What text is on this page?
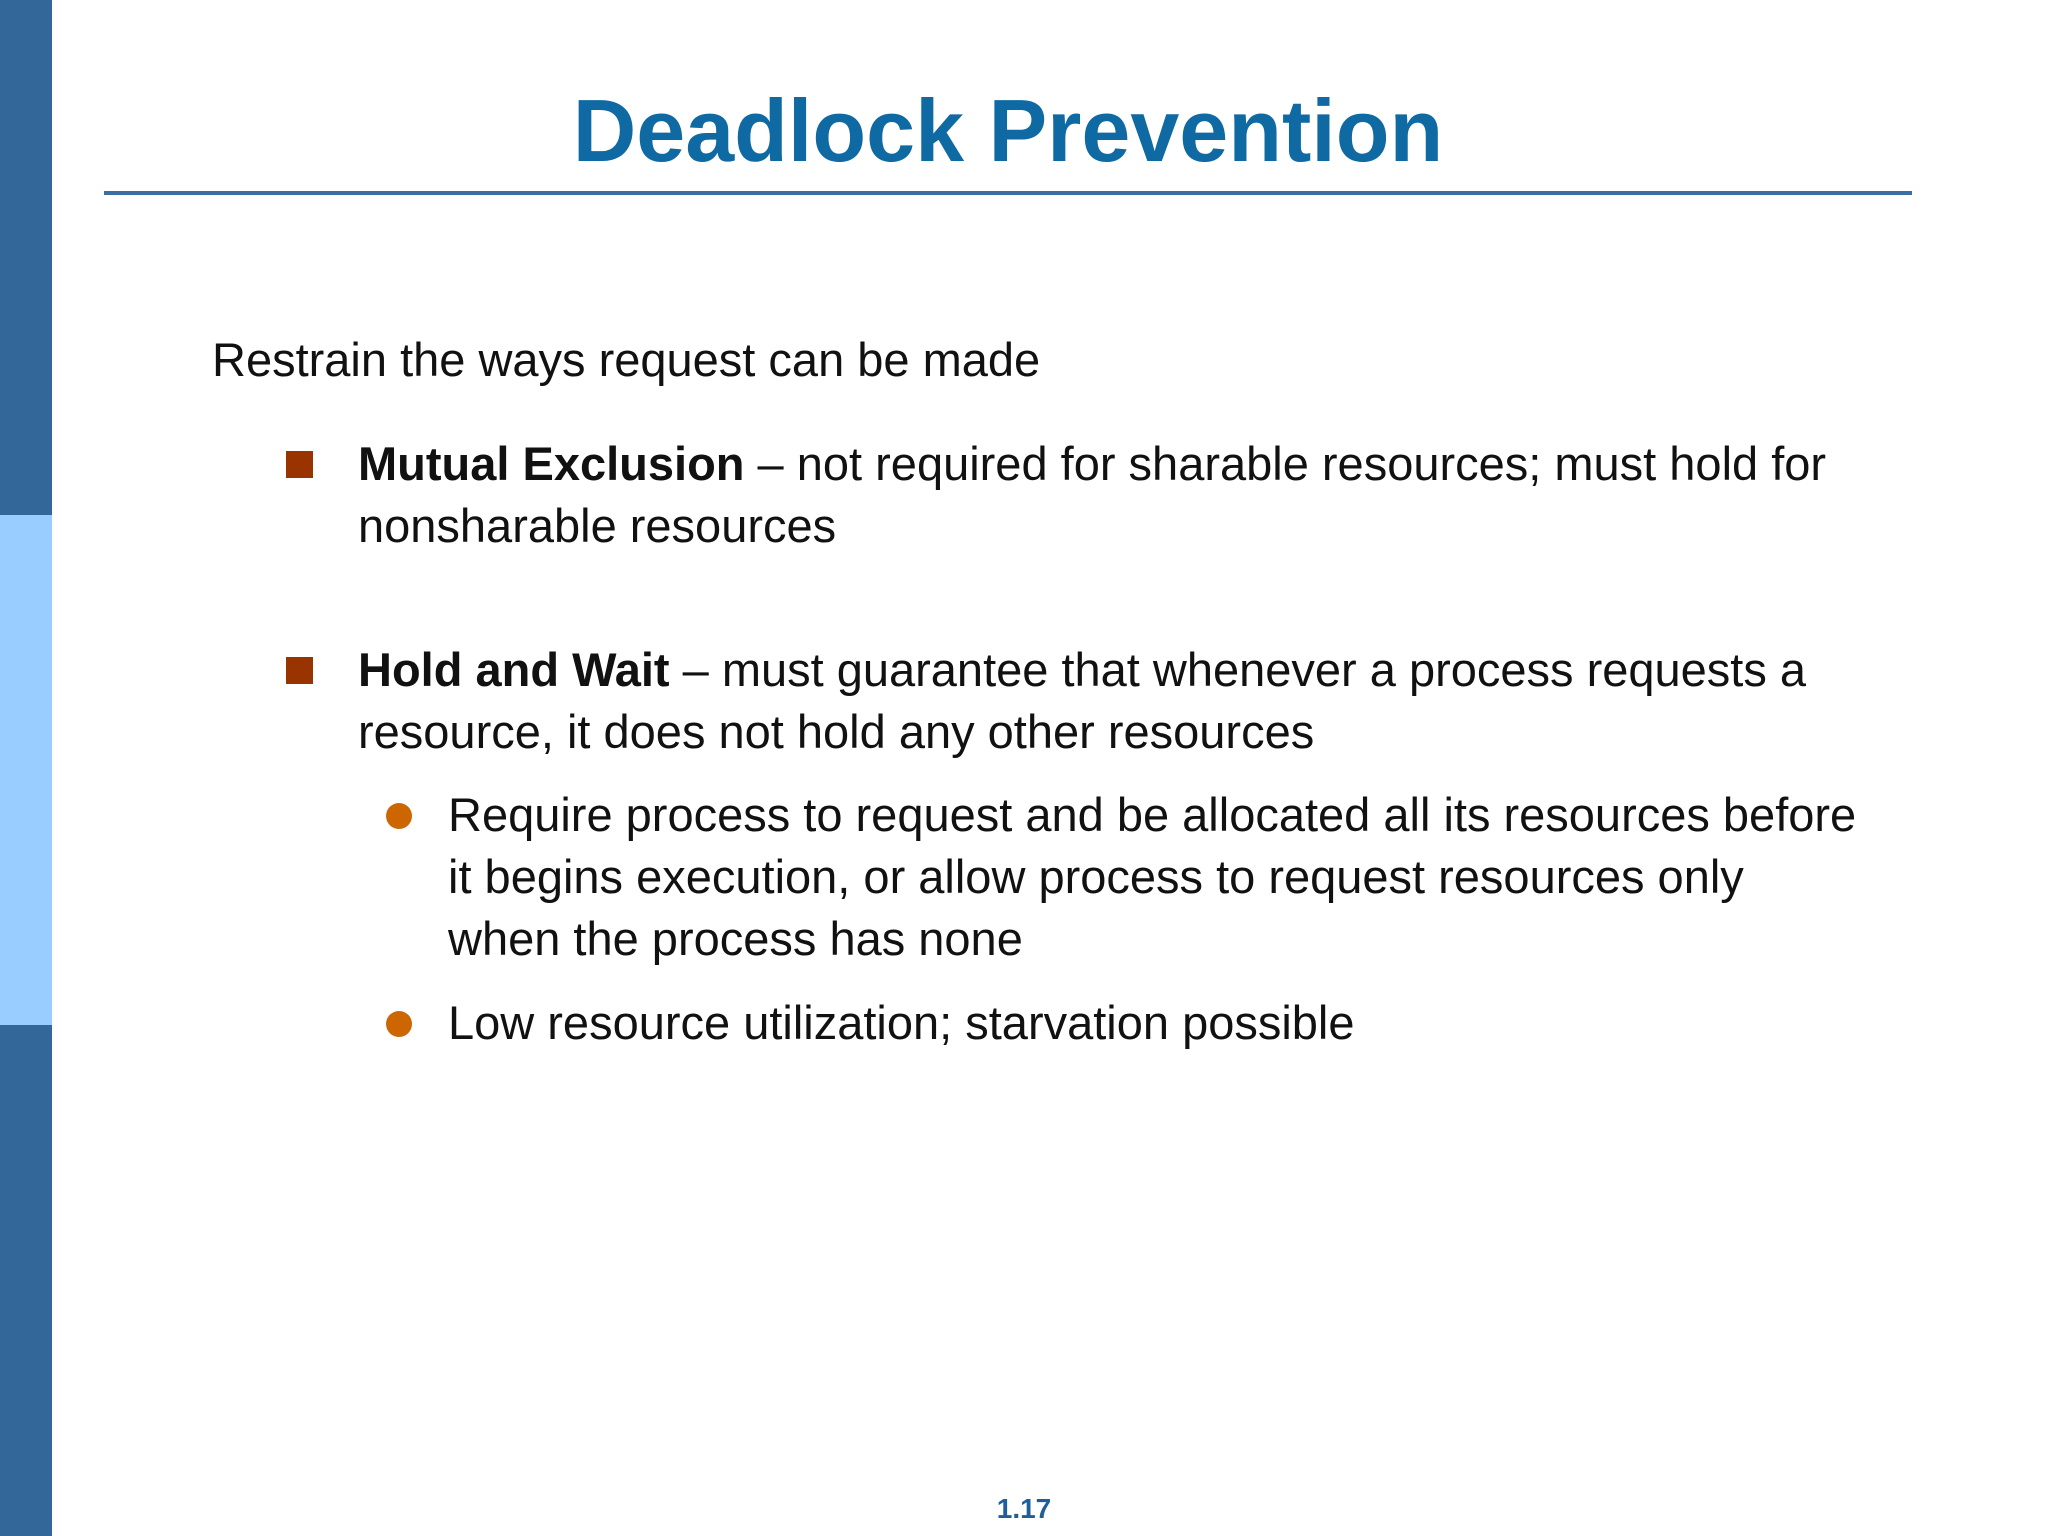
Deadlock Prevention

Restrain the ways request can be made

Mutual Exclusion – not required for sharable resources; must hold for nonsharable resources
Hold and Wait – must guarantee that whenever a process requests a resource, it does not hold any other resources
Require process to request and be allocated all its resources before it begins execution, or allow process to request resources only when the process has none
Low resource utilization; starvation possible
1.17
